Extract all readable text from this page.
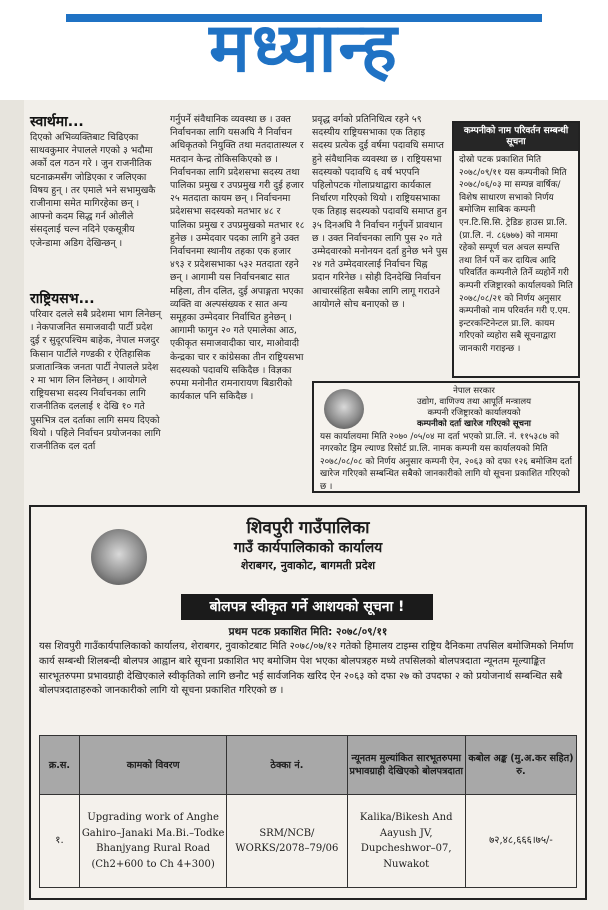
मध्यान्ह

स्वार्थमा...

दिएको अभिव्यक्तिबाट चिढिएका साथवकुमार नेपालले गएको ३ भदौमा अर्को दल गठन गरे । जुन राजनीतिक घटनाक्रमसँग जोडिएका र जलिएका विषय हुन् । तर एमाले भने सभामुखकै राजीनामा समेत मागिरहेका छन् । आफ्नो कदम सिद्ध गर्न ओलीले संसद्लाई चल्न नदिने एकसूत्रीय एजेन्डामा अडिग देखिन्छन् ।

राष्ट्रियसभ...

परिवार दलले सबै प्रदेशमा भाग लिनेछन् । नेकपाजनित समाजवादी पार्टी प्रदेश दुई र सुदूरपश्चिम बाहेक, नेपाल मजदुर किसान पार्टीले गण्डकी र ऐतिहासिक प्रजातान्त्रिक जनता पार्टी नेपालले प्रदेश २ मा भाग लिन लिनेछन् । आयोगले राष्ट्रियसभा सदस्य निर्वाचनका लागि राजनीतिक दललाई १ देखि १० गते पुसभित्र दल दर्ताका लागि समय दिएको थियो । पहिले निर्वाचन प्रयोजनका लागि राजनीतिक दल दर्ता

गर्नुपर्ने संवैधानिक व्यवस्था छ । उक्त निर्वाचनका लागि यसअघि नै निर्वाचन अधिकृतको नियुक्ति तथा मतदातास्थल र मतदान केन्द्र तोकिसकिएको छ । निर्वाचनका लागि प्रदेशसभा सदस्य तथा पालिका प्रमुख र उपप्रमुख गरी दुई हजार २५ मतदाता कायम छन् । निर्वाचनमा प्रदेशसभा सदस्यको मतभार ४८ र पालिका प्रमुख र उपप्रमुखको मतभार १८ हुनेछ । उम्मेदवार पदका लागि हुने उक्त निर्वाचनमा स्थानीय तहका एक हजार ४९३ र प्रदेशसभाका ५३२ मतदाता रहने छन् । आगामी यस निर्वाचनबाट सात महिला, तीन दलित, दुई अपाङ्गता भएका व्यक्ति वा अल्पसंख्यक र सात अन्य समूहका उम्मेदवार निर्वाचित हुनेछन् । आगामी फागुन २० गते एमालेका आठ, एकीकृत समाजवादीका चार, माओवादी केन्द्रका चार र कांग्रेसका तीन राष्ट्रियसभा सदस्यको पदावधि सकिदैछ । विज्ञका रुपमा मनोनीत रामनारायण बिडारीको कार्यकाल पनि सकिदैछ ।

प्रवृद्ध वर्गको प्रतिनिधित्व रहने ५९ सदस्यीय राष्ट्रियसभाका एक तिहाइ सदस्य प्रत्येक दुई वर्षमा पदावधि समाप्त हुने संवैधानिक व्यवस्था छ । राष्ट्रियसभा सदस्यको पदावधि ६ वर्ष भएपनि पहिलोपटक गोलाप्रथाद्वारा कार्यकाल निर्धारण गरिएको थियो । राष्ट्रियसभाका एक तिहाइ सदस्यको पदावधि समाप्त हुन ३५ दिनअघि नै निर्वाचन गर्नुपर्ने प्रावधान छ । उक्त निर्वाचनका लागि पुस २० गते उम्मेदवारको मनोनयन दर्ता हुनेछ भने पुस २४ गते उम्मेदवारलाई निर्वाचन चिह्न प्रदान गरिनेछ । सोही दिनदेखि निर्वाचन आचारसंहिता सबैका लागि लागू गराउने आयोगले सोच बनाएको छ ।

कम्पनीको नाम परिवर्तन सम्बन्धी सूचना
दोस्रो पटक प्रकाशित मिति २०७८/०९/११ यस कम्पनीको मिति २०७८/०६/०३ मा सम्पन्न वार्षिक/विशेष साधारण सभाको निर्णय बमोजिम साबिक कम्पनी एन.टि.सि.सि. ट्रेडिङ हाउस प्रा.लि. (प्रा.लि. नं. ८६७७७) को नाममा रहेको सम्पूर्ण चल अचल सम्पत्ति तथा तिर्न पर्ने कर दायित्व आदि परिवर्तित कम्पनीले तिर्ने व्यहोर्ने गरी कम्पनी रजिष्ट्रारको कार्यालयको मिति २०७८/०८/२१ को निर्णय अनुसार कम्पनीको नाम परिवर्तन गरी ए.एम. इन्टरकन्टिनेन्टल प्रा.लि. कायम गरिएको व्यहोरा सबै सूचनाद्वारा जानकारी गराइन्छ ।
नेपाल सरकार
उद्योग, वाणिज्य तथा आपूर्ति मन्त्रालय
कम्पनी रजिष्ट्रारको कार्यालयको
कम्पनीको दर्ता खारेज गरिएको सूचना
यस कार्यालयमा मिति २०७० /०५/०४ मा दर्ता भएको प्रा.लि. नं. ११५३८७ को नगरकोट ड्रिम ल्याण्ड रिसोर्ट प्रा.लि. नामक कम्पनी यस कार्यालयको मिति २०७८/०८/०८ को निर्णय अनुसार कम्पनी ऐन, २०६३ को दफा १२६ बमोजिम दर्ता खारेज गरिएको सम्बन्धित सबैको जानकारीको लागि यो सूचना प्रकाशित गरिएको छ ।
शिवपुरी गाउँपालिका
गाउँ कार्यपालिकाको कार्यालय
शेराबगर, नुवाकोट, बागमती प्रदेश
बोलपत्र स्वीकृत गर्ने आशयको सूचना !
प्रथम पटक प्रकाशित मिति: २०७८/०९/११
यस शिवपुरी गाउँकार्यपालिकाको कार्यालय, शेराबगर, नुवाकोटबाट मिति २०७८/०७/१२ गतेको हिमालय टाइम्स राष्ट्रिय दैनिकमा तपसिल बमोजिमको निर्माण कार्य सम्बन्धी शिलबन्दी बोलपत्र आह्वान बारे सूचना प्रकाशित भए बमोजिम पेश भएका बोलपत्रहरु मध्ये तपसिलको बोलपत्रदाता न्यूनतम मूल्याङ्कित सारभूतरुपमा प्रभावग्राही देखिएकाले स्वीकृतिको लागि छनौट भई सार्वजनिक खरिद ऐन २०६३ को दफा २७ को उपदफा २ को प्रयोजनार्थ सम्बन्धित सबै बोलपत्रदाताहरुको जानकारीको लागि यो सूचना प्रकाशित गरिएको छ ।
क्र.स.	कामको विवरण	ठेक्का नं.	न्यूनतम मुल्यांकित सारभूतरुपमा प्रभावग्राही देखिएको बोलपत्रदाता	कबोल अङ्क (मु.अ.कर सहित) रु.
१.	Upgrading work of Anghe Gahiro–Janaki Ma.Bi.–Todke Bhanjyang Rural Road (Ch2+600 to Ch 4+300)	SRM/NCB/ WORKS/2078–79/06	Kalika/Bikesh And Aayush JV, Dupcheshwor–07, Nuwakot	७२,४८,६६६।७५/-
